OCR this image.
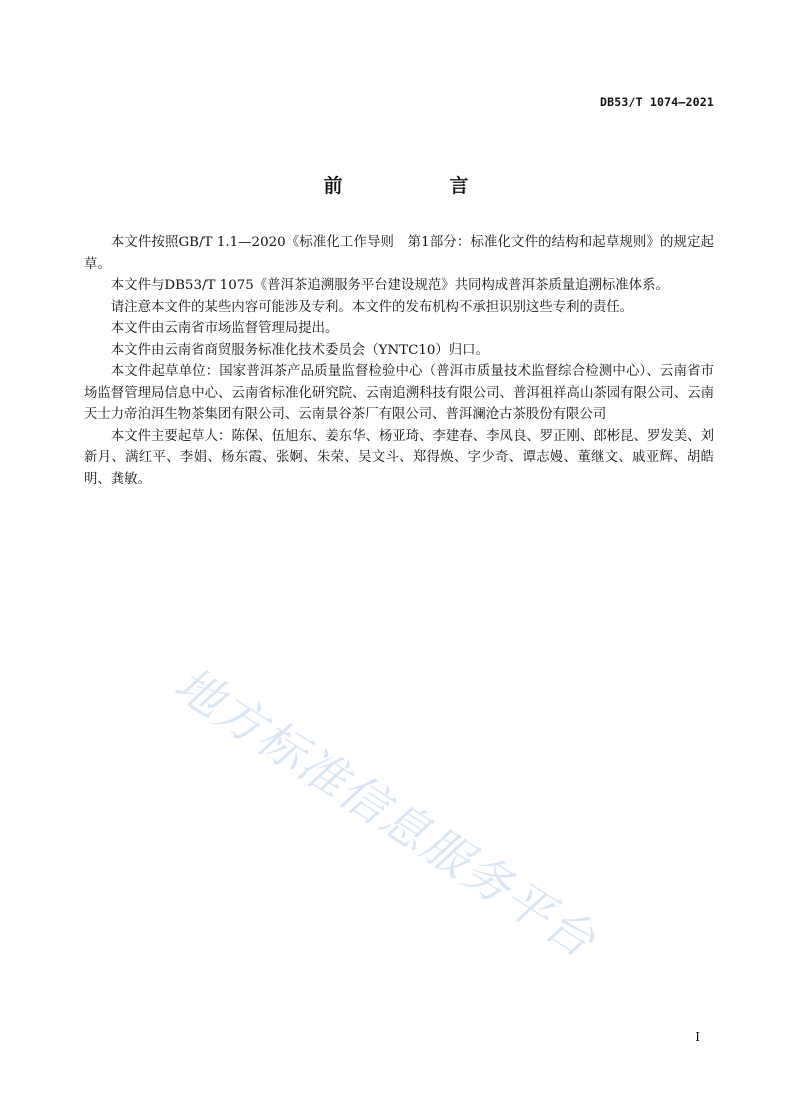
DB53/T 1074—2021
前　言

本文件按照GB/T 1.1—2020《标准化工作导则　第1部分：标准化文件的结构和起草规则》的规定起草。

本文件与DB53/T 1075《普洱茶追溯服务平台建设规范》共同构成普洱茶质量追溯标准体系。

请注意本文件的某些内容可能涉及专利。本文件的发布机构不承担识别这些专利的责任。

本文件由云南省市场监督管理局提出。

本文件由云南省商贸服务标准化技术委员会（YNTC10）归口。

本文件起草单位：国家普洱茶产品质量监督检验中心（普洱市质量技术监督综合检测中心）、云南省市场监督管理局信息中心、云南省标准化研究院、云南追溯科技有限公司、普洱祖祥高山茶园有限公司、云南天士力帝泊洱生物茶集团有限公司、云南景谷茶厂有限公司、普洱澜沧古茶股份有限公司

本文件主要起草人：陈保、伍旭东、姜东华、杨亚琦、李建春、李凤良、罗正刚、郎彬昆、罗发美、刘新月、满红平、李娟、杨东霞、张婀、朱荣、吴文斗、郑得焕、字少奇、谭志嫚、董继文、戚亚辉、胡皓明、龚敏。

地方标准信息服务平台
I
